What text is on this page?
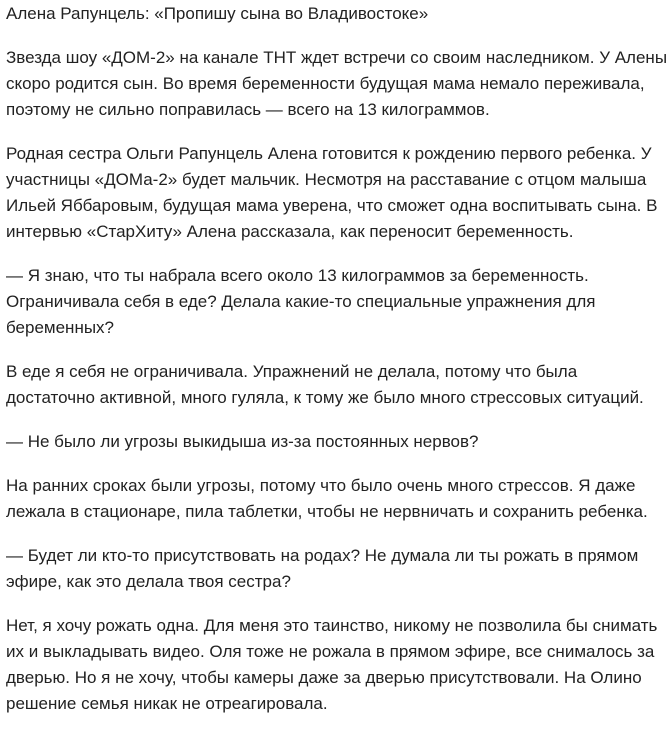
Алена Рапунцель: «Пропишу сына во Владивостоке»

Звезда шоу «ДОМ-2» на канале ТНТ ждет встречи со своим наследником. У Алены скоро родится сын. Во время беременности будущая мама немало переживала, поэтому не сильно поправилась — всего на 13 килограммов.

Родная сестра Ольги Рапунцель Алена готовится к рождению первого ребенка. У участницы «ДОМа-2» будет мальчик. Несмотря на расставание с отцом малыша Ильей Яббаровым, будущая мама уверена, что сможет одна воспитывать сына. В интервью «СтарХиту» Алена рассказала, как переносит беременность.

— Я знаю, что ты набрала всего около 13 килограммов за беременность. Ограничивала себя в еде? Делала какие-то специальные упражнения для беременных?

В еде я себя не ограничивала. Упражнений не делала, потому что была достаточно активной, много гуляла, к тому же было много стрессовых ситуаций.

— Не было ли угрозы выкидыша из-за постоянных нервов?

На ранних сроках были угрозы, потому что было очень много стрессов. Я даже лежала в стационаре, пила таблетки, чтобы не нервничать и сохранить ребенка.

— Будет ли кто-то присутствовать на родах? Не думала ли ты рожать в прямом эфире, как это делала твоя сестра?

Нет, я хочу рожать одна. Для меня это таинство, никому не позволила бы снимать их и выкладывать видео. Оля тоже не рожала в прямом эфире, все снималось за дверью. Но я не хочу, чтобы камеры даже за дверью присутствовали. На Олино решение семья никак не отреагировала.
